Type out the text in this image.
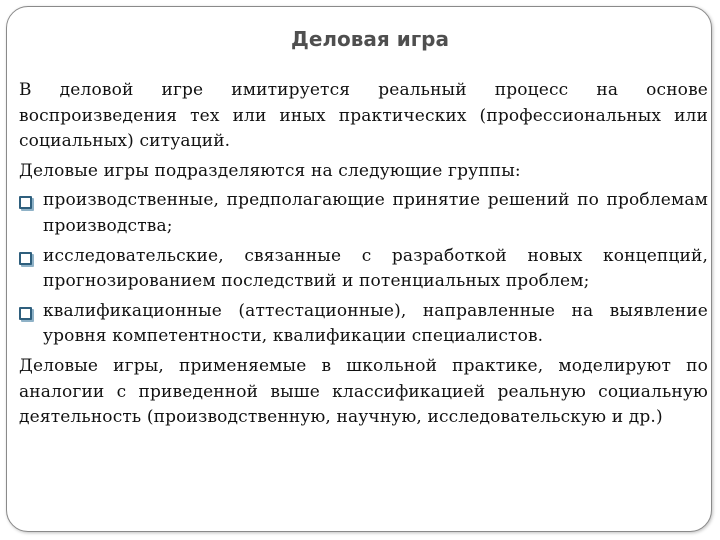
Деловая игра

В деловой игре имитируется реальный процесс на основе воспроизведения тех или иных практических (профессиональных или социальных) ситуаций.

Деловые игры подразделяются на следующие группы:

производственные, предполагающие принятие решений по проблемам производства;
исследовательские, связанные с разработкой новых концепций, прогнозированием последствий и потенциальных проблем;
квалификационные (аттестационные), направленные на выявление уровня компетентности, квалификации специалистов.

Деловые игры, применяемые в школьной практике, моделируют по аналогии с приведенной выше классификацией реальную социальную деятельность (производственную, научную, исследовательскую и др.)
